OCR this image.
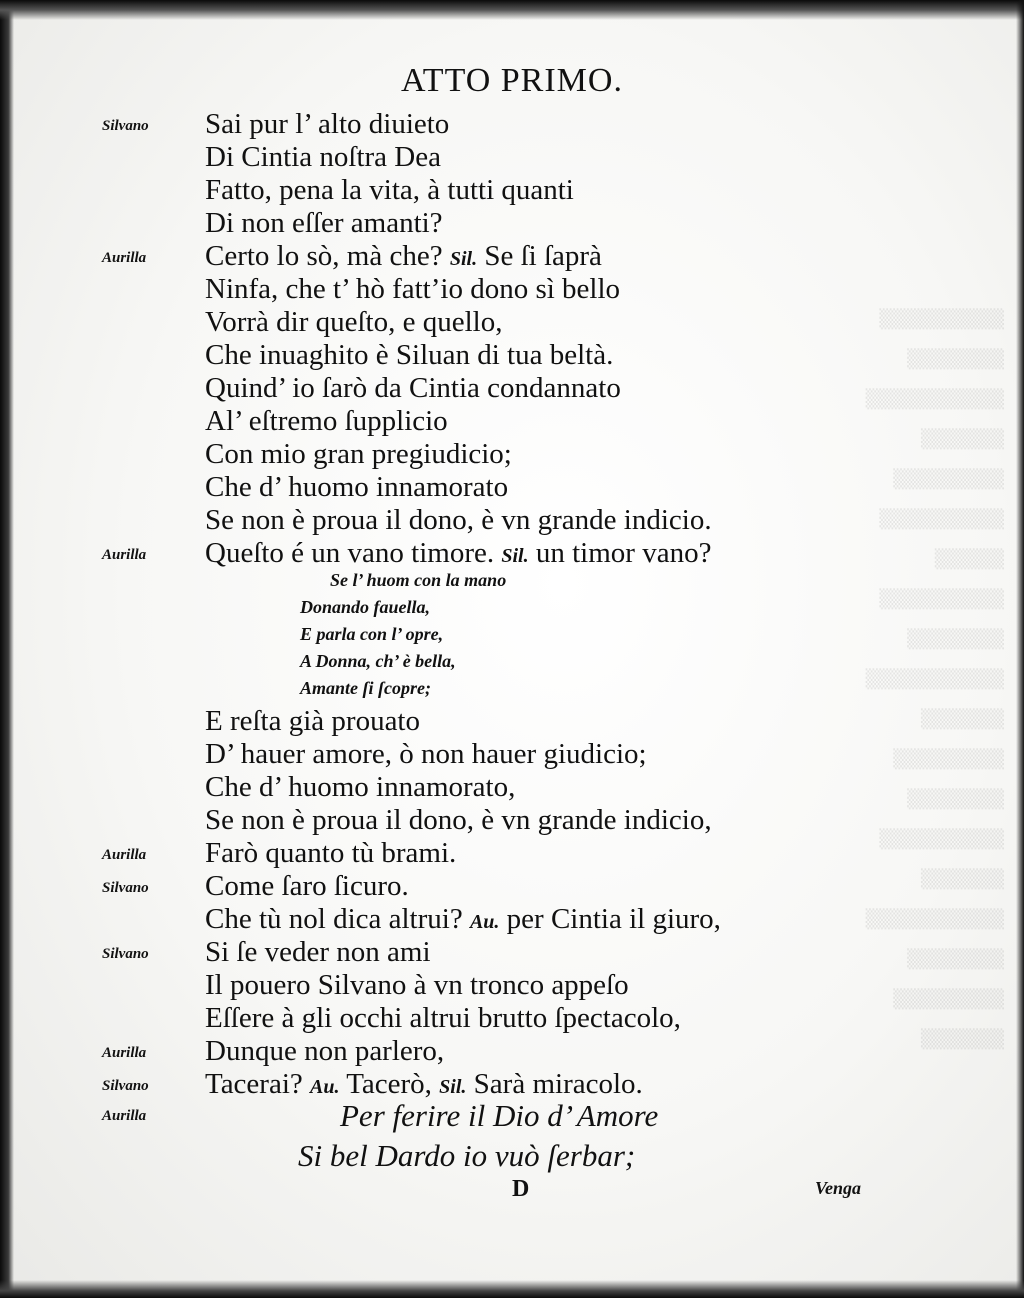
▒▒▒▒▒▒▒▒▒
▒▒▒▒▒▒▒
▒▒▒▒▒▒▒▒▒▒
▒▒▒▒▒▒
▒▒▒▒▒▒▒▒
▒▒▒▒▒▒▒▒▒
▒▒▒▒▒
▒▒▒▒▒▒▒▒▒
▒▒▒▒▒▒▒
▒▒▒▒▒▒▒▒▒▒
▒▒▒▒▒▒
▒▒▒▒▒▒▒▒
▒▒▒▒▒▒▒
▒▒▒▒▒▒▒▒▒
▒▒▒▒▒▒
▒▒▒▒▒▒▒▒▒▒
▒▒▒▒▒▒▒
▒▒▒▒▒▒▒▒
▒▒▒▒▒▒
ATTO PRIMO.
D	Venga
Silvano	Sai pur l’ alto diuieto
Di Cintia noſtra Dea
Fatto, pena la vita, à tutti quanti
Di non eſſer amanti?
Aurilla	Certo lo sò, mà che? Sil. Se ſi ſaprà
Ninfa, che t’ hò fatt’io dono sì bello
Vorrà dir queſto, e quello,
Che inuaghito è Siluan di tua beltà.
Quind’ io ſarò da Cintia condannato
Al’ eſtremo ſupplicio
Con mio gran pregiudicio;
Che d’ huomo innamorato
Se non è proua il dono, è vn grande indicio.
Aurilla	Queſto é un vano timore. Sil. un timor vano?
Se l’ huom con la mano
Donando fauella,
E parla con l’ opre,
A Donna, ch’ è bella,
Amante ſi ſcopre;
E reſta già prouato
D’ hauer amore, ò non hauer giudicio;
Che d’ huomo innamorato,
Se non è proua il dono, è vn grande indicio,
Aurilla	Farò quanto tù brami.
Silvano	Come ſaro ſicuro.
Che tù nol dica altrui? Au. per Cintia il giuro,
Silvano	Si ſe veder non ami
Il pouero Silvano à vn tronco appeſo
Eſſere à gli occhi altrui brutto ſpectacolo,
Aurilla	Dunque non parlero,
Silvano	Tacerai? Au. Tacerò, Sil. Sarà miracolo.
Aurilla	Per ferire il Dio d’ Amore
Si bel Dardo io vuò ſerbar;
